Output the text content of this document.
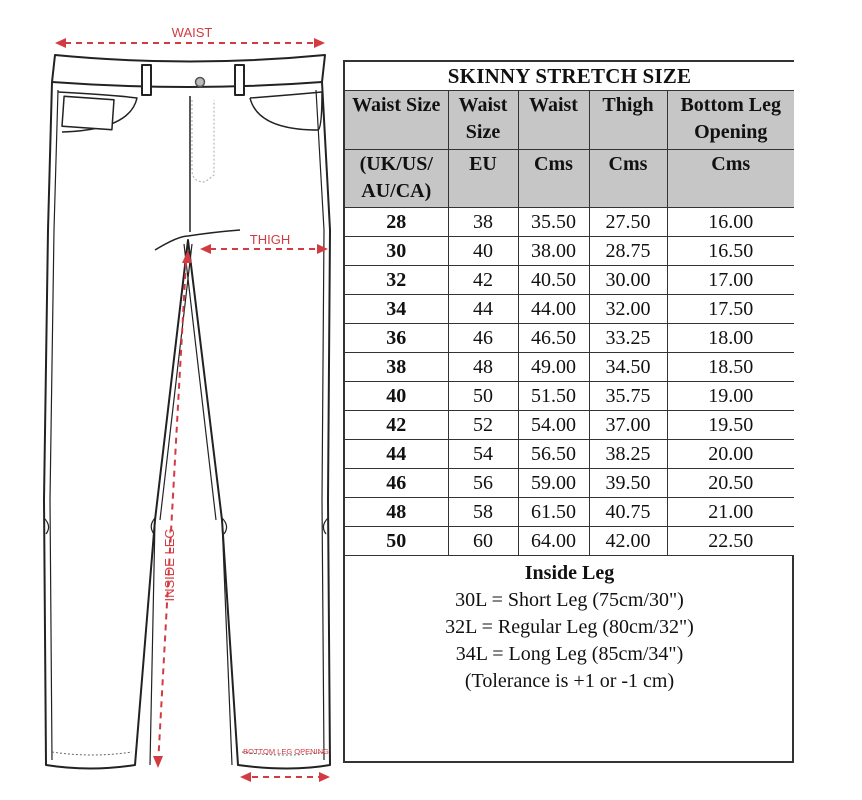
WAIST
THIGH
INSIDE LEG
BOTTOM LEG OPENING
SKINNY STRETCH SIZE				
Waist Size	Waist Size	Waist	Thigh	Bottom Leg Opening
(UK/US/ AU/CA)	EU	Cms	Cms	Cms
28	38	35.50	27.50	16.00
30	40	38.00	28.75	16.50
32	42	40.50	30.00	17.00
34	44	44.00	32.00	17.50
36	46	46.50	33.25	18.00
38	48	49.00	34.50	18.50
40	50	51.50	35.75	19.00
42	52	54.00	37.00	19.50
44	54	56.50	38.25	20.00
46	56	59.00	39.50	20.50
48	58	61.50	40.75	21.00
50	60	64.00	42.00	22.50

Inside Leg
30L = Short Leg (75cm/30")
32L = Regular Leg (80cm/32")
34L = Long Leg (85cm/34")
(Tolerance is +1 or -1 cm)				
